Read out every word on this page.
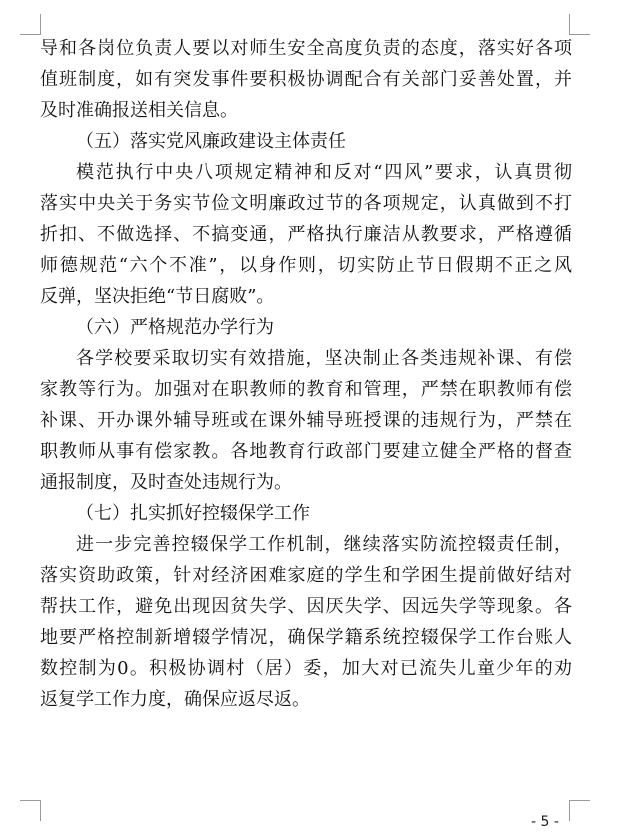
导和各岗位负责人要以对师生安全高度负责的态度，落实好各项
值班制度，如有突发事件要积极协调配合有关部门妥善处置，并
及时准确报送相关信息。
（五）落实党风廉政建设主体责任
模范执行中央八项规定精神和反对“四风”要求，认真贯彻
落实中央关于务实节俭文明廉政过节的各项规定，认真做到不打
折扣、不做选择、不搞变通，严格执行廉洁从教要求，严格遵循
师德规范“六个不准”，以身作则，切实防止节日假期不正之风
反弹，坚决拒绝“节日腐败”。
（六）严格规范办学行为
各学校要采取切实有效措施，坚决制止各类违规补课、有偿
家教等行为。加强对在职教师的教育和管理，严禁在职教师有偿
补课、开办课外辅导班或在课外辅导班授课的违规行为，严禁在
职教师从事有偿家教。各地教育行政部门要建立健全严格的督查
通报制度，及时查处违规行为。
（七）扎实抓好控辍保学工作
进一步完善控辍保学工作机制，继续落实防流控辍责任制，
落实资助政策，针对经济困难家庭的学生和学困生提前做好结对
帮扶工作，避免出现因贫失学、因厌失学、因远失学等现象。各
地要严格控制新增辍学情况，确保学籍系统控辍保学工作台账人
数控制为0。积极协调村（居）委，加大对已流失儿童少年的劝
返复学工作力度，确保应返尽返。
- 5 -
